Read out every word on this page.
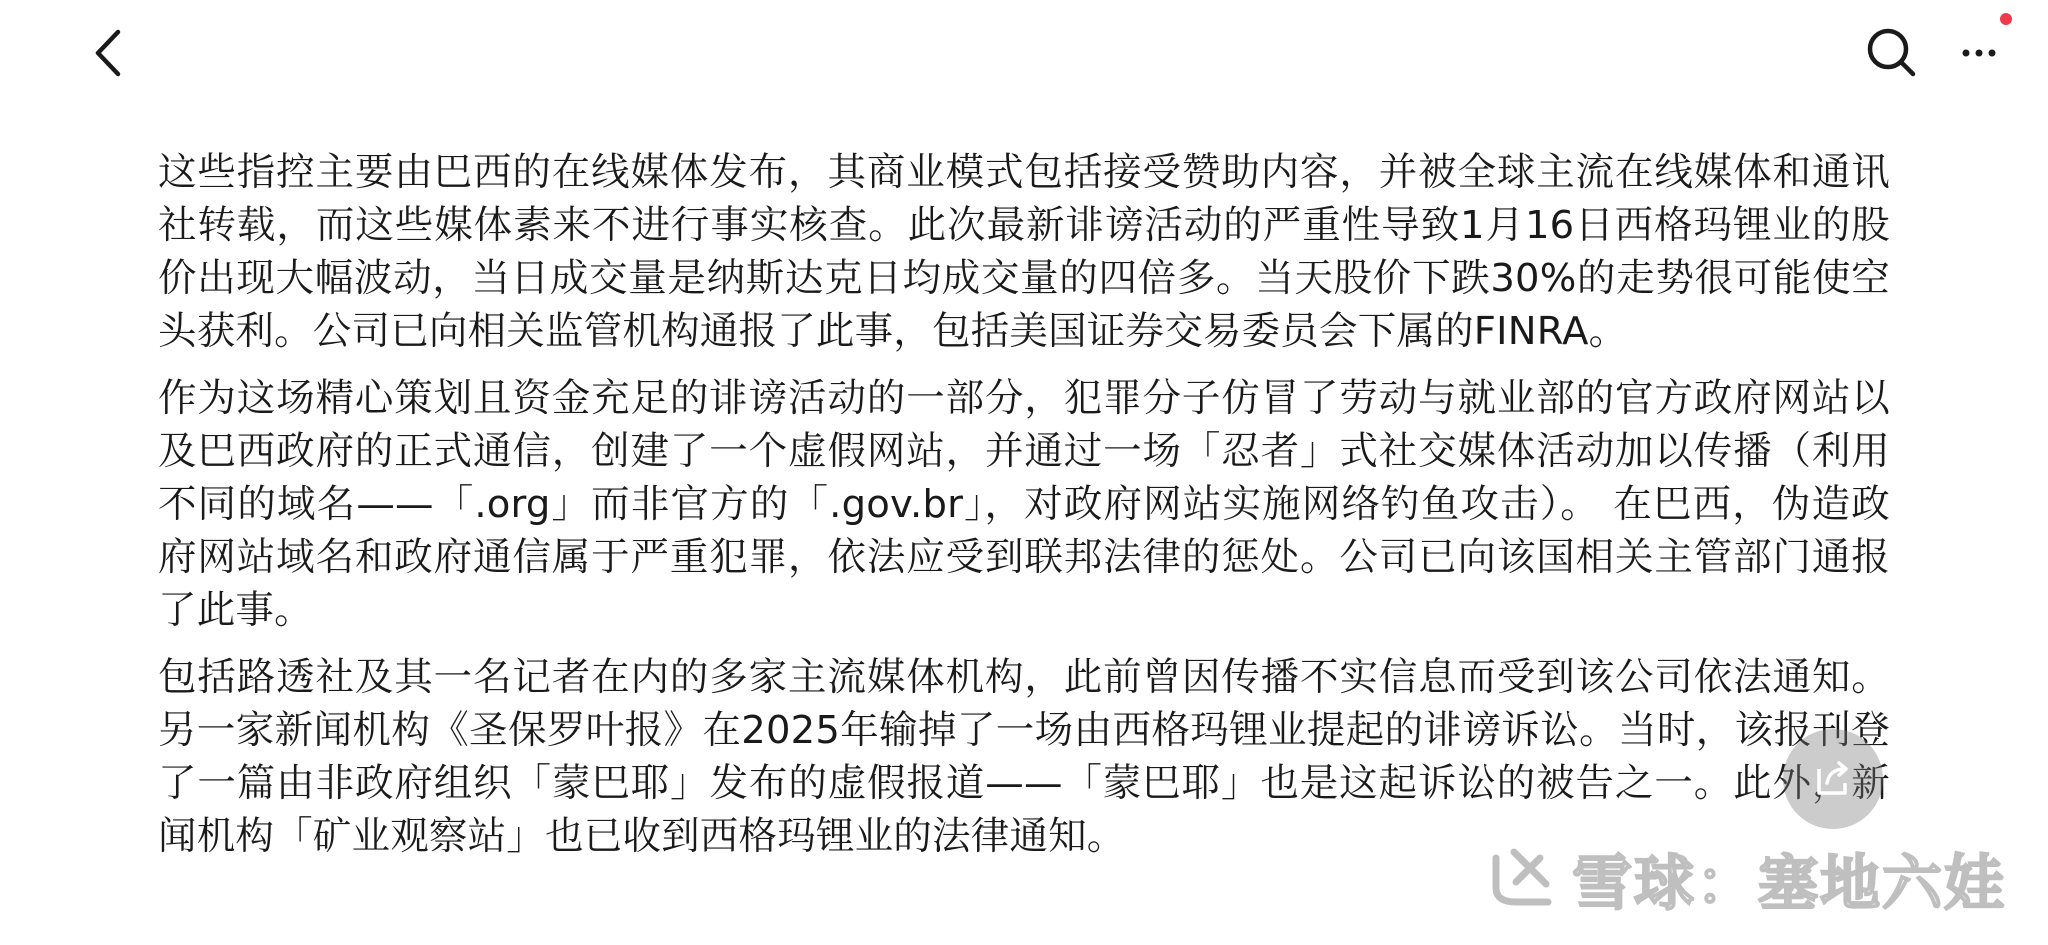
这些指控主要由巴西的在线媒体发布，其商业模式包括接受赞助内容，并被全球主流在线媒体和通讯社转载，而这些媒体素来不进行事实核查。此次最新诽谤活动的严重性导致1月16日西格玛锂业的股价出现大幅波动，当日成交量是纳斯达克日均成交量的四倍多。当天股价下跌30%的走势很可能使空头获利。公司已向相关监管机构通报了此事，包括美国证券交易委员会下属的FINRA。

作为这场精心策划且资金充足的诽谤活动的一部分，犯罪分子仿冒了劳动与就业部的官方政府网站以及巴西政府的正式通信，创建了一个虚假网站，并通过一场「忍者」式社交媒体活动加以传播（利用不同的域名——「.org」而非官方的「.gov.br」，对政府网站实施网络钓鱼攻击）。 在巴西，伪造政府网站域名和政府通信属于严重犯罪，依法应受到联邦法律的惩处。公司已向该国相关主管部门通报了此事。

包括路透社及其一名记者在内的多家主流媒体机构，此前曾因传播不实信息而受到该公司依法通知。 另一家新闻机构《圣保罗叶报》在2025年输掉了一场由西格玛锂业提起的诽谤诉讼。当时，该报刊登了一篇由非政府组织「蒙巴耶」发布的虚假报道——「蒙巴耶」也是这起诉讼的被告之一。此外，新闻机构「矿业观察站」也已收到西格玛锂业的法律通知。

雪球：塞地六娃
